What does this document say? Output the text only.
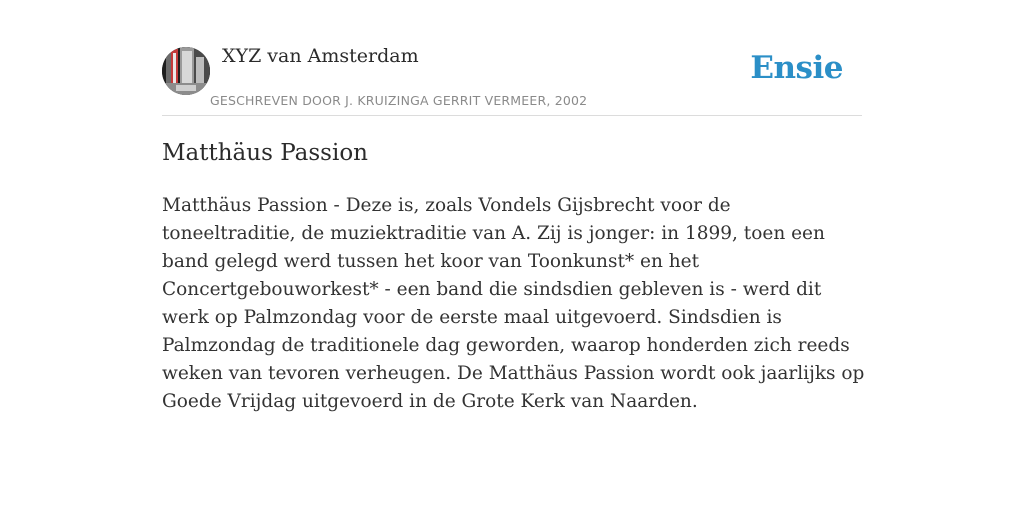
XYZ van Amsterdam
GESCHREVEN DOOR J. KRUIZINGA GERRIT VERMEER, 2002
Ensie
Matthäus Passion

Matthäus Passion - Deze is, zoals Vondels Gijsbrecht voor de toneeltraditie, de muziektraditie van A. Zij is jonger: in 1899, toen een band gelegd werd tussen het koor van Toonkunst* en het Concertgebouworkest* - een band die sindsdien gebleven is - werd dit werk op Palmzondag voor de eerste maal uitgevoerd. Sindsdien is Palmzondag de traditionele dag geworden, waarop honderden zich reeds weken van tevoren verheugen. De Matthäus Passion wordt ook jaarlijks op Goede Vrijdag uitgevoerd in de Grote Kerk van Naarden.
